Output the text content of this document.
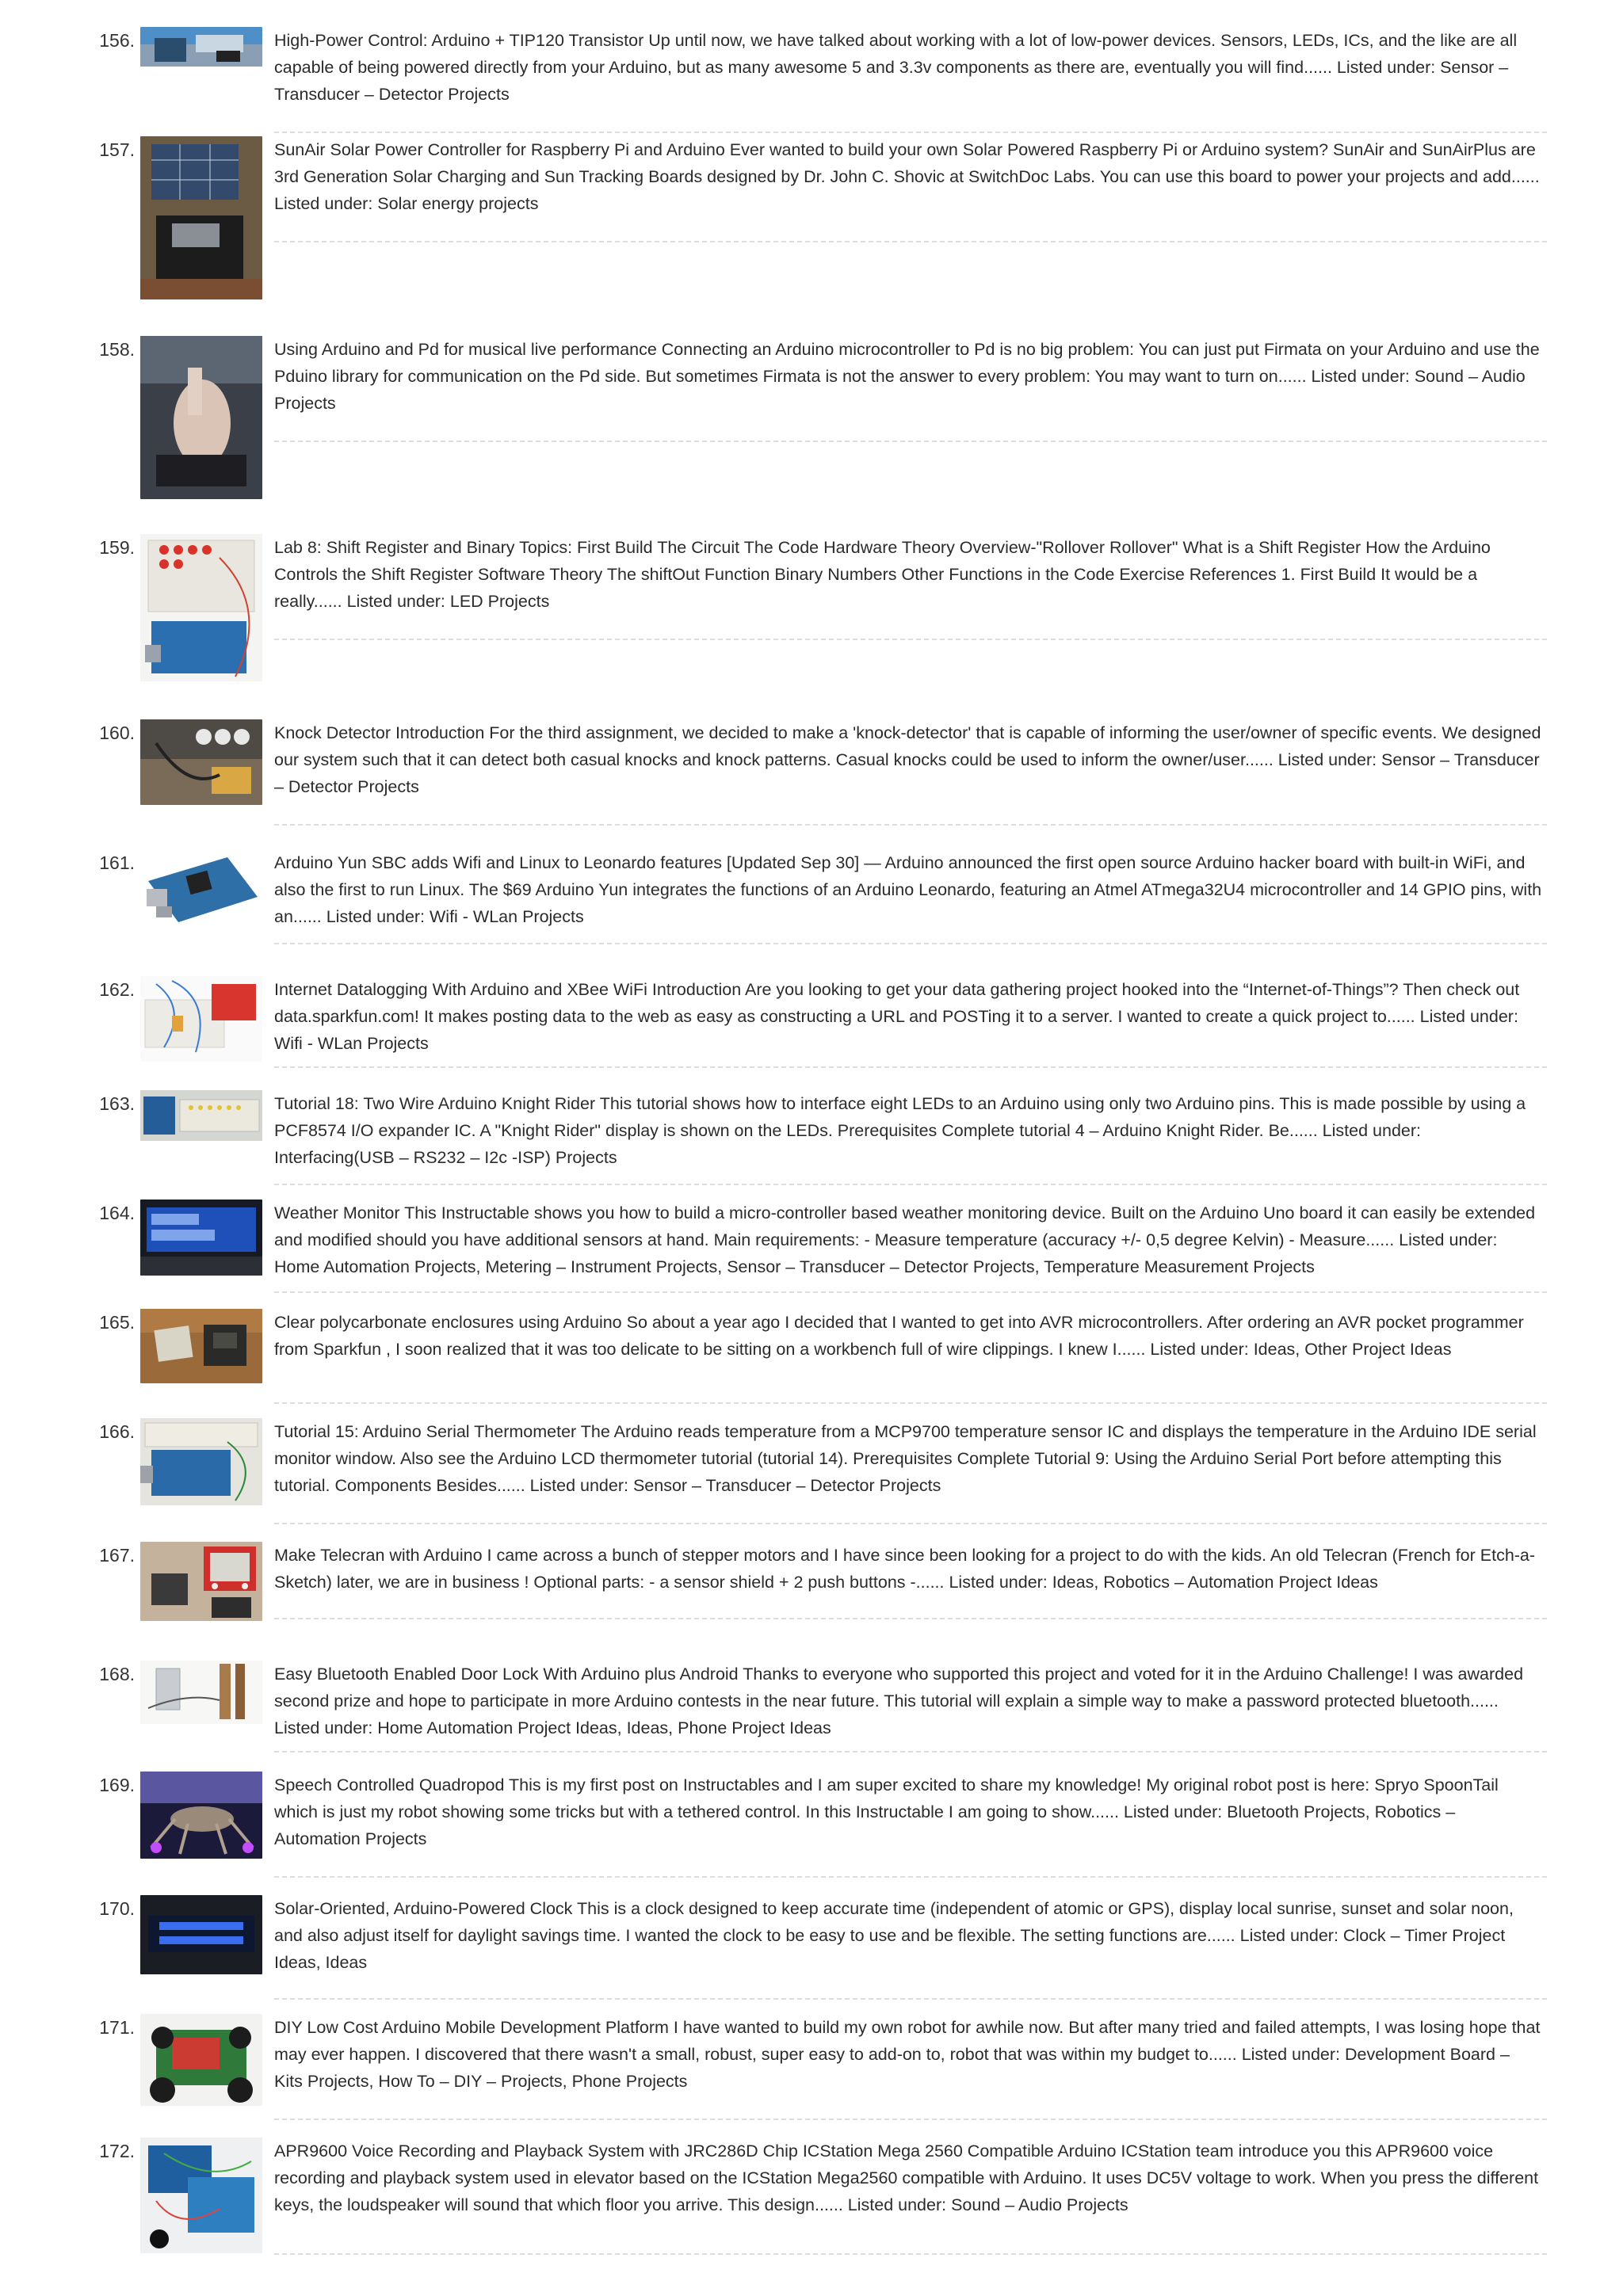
156.	High-Power Control: Arduino + TIP120 Transistor Up until now, we have talked about working with a lot of low-power devices. Sensors, LEDs, ICs, and the like are all capable of being powered directly from your Arduino, but as many awesome 5 and 3.3v components as there are, eventually you will find...... Listed under: Sensor – Transducer – Detector Projects
157.	SunAir Solar Power Controller for Raspberry Pi and Arduino Ever wanted to build your own Solar Powered Raspberry Pi or Arduino system? SunAir and SunAirPlus are 3rd Generation Solar Charging and Sun Tracking Boards designed by Dr. John C. Shovic at SwitchDoc Labs. You can use this board to power your projects and add...... Listed under: Solar energy projects
158.	Using Arduino and Pd for musical live performance Connecting an Arduino microcontroller to Pd is no big problem: You can just put Firmata on your Arduino and use the Pduino library for communication on the Pd side. But sometimes Firmata is not the answer to every problem: You may want to turn on...... Listed under: Sound – Audio Projects
159.	Lab 8: Shift Register and Binary Topics: First Build The Circuit The Code Hardware Theory Overview-"Rollover Rollover" What is a Shift Register How the Arduino Controls the Shift Register Software Theory The shiftOut Function Binary Numbers Other Functions in the Code Exercise References 1. First Build It would be a really...... Listed under: LED Projects
160.	Knock Detector Introduction For the third assignment, we decided to make a 'knock-detector' that is capable of informing the user/owner of specific events. We designed our system such that it can detect both casual knocks and knock patterns. Casual knocks could be used to inform the owner/user...... Listed under: Sensor – Transducer – Detector Projects
161.	Arduino Yun SBC adds Wifi and Linux to Leonardo features [Updated Sep 30] — Arduino announced the first open source Arduino hacker board with built-in WiFi, and also the first to run Linux. The $69 Arduino Yun integrates the functions of an Arduino Leonardo, featuring an Atmel ATmega32U4 microcontroller and 14 GPIO pins, with an...... Listed under: Wifi - WLan Projects
162.	Internet Datalogging With Arduino and XBee WiFi Introduction Are you looking to get your data gathering project hooked into the “Internet-of-Things”? Then check out data.sparkfun.com! It makes posting data to the web as easy as constructing a URL and POSTing it to a server. I wanted to create a quick project to...... Listed under: Wifi - WLan Projects
163.	Tutorial 18: Two Wire Arduino Knight Rider This tutorial shows how to interface eight LEDs to an Arduino using only two Arduino pins. This is made possible by using a PCF8574 I/O expander IC. A "Knight Rider" display is shown on the LEDs. Prerequisites Complete tutorial 4 – Arduino Knight Rider. Be...... Listed under: Interfacing(USB – RS232 – I2c -ISP) Projects
164.	Weather Monitor This Instructable shows you how to build a micro-controller based weather monitoring device. Built on the Arduino Uno board it can easily be extended and modified should you have additional sensors at hand. Main requirements: - Measure temperature (accuracy +/- 0,5 degree Kelvin) - Measure...... Listed under: Home Automation Projects, Metering – Instrument Projects, Sensor – Transducer – Detector Projects, Temperature Measurement Projects
165.	Clear polycarbonate enclosures using Arduino So about a year ago I decided that I wanted to get into AVR microcontrollers. After ordering an AVR pocket programmer from Sparkfun , I soon realized that it was too delicate to be sitting on a workbench full of wire clippings. I knew I...... Listed under: Ideas, Other Project Ideas
166.	Tutorial 15: Arduino Serial Thermometer The Arduino reads temperature from a MCP9700 temperature sensor IC and displays the temperature in the Arduino IDE serial monitor window. Also see the Arduino LCD thermometer tutorial (tutorial 14). Prerequisites Complete Tutorial 9: Using the Arduino Serial Port before attempting this tutorial. Components Besides...... Listed under: Sensor – Transducer – Detector Projects
167.	Make Telecran with Arduino I came across a bunch of stepper motors and I have since been looking for a project to do with the kids. An old Telecran (French for Etch-a-Sketch) later, we are in business ! Optional parts: - a sensor shield + 2 push buttons -...... Listed under: Ideas, Robotics – Automation Project Ideas
168.	Easy Bluetooth Enabled Door Lock With Arduino plus Android Thanks to everyone who supported this project and voted for it in the Arduino Challenge! I was awarded second prize and hope to participate in more Arduino contests in the near future. This tutorial will explain a simple way to make a password protected bluetooth...... Listed under: Home Automation Project Ideas, Ideas, Phone Project Ideas
169.	Speech Controlled Quadropod This is my first post on Instructables and I am super excited to share my knowledge! My original robot post is here: Spryo SpoonTail which is just my robot showing some tricks but with a tethered control. In this Instructable I am going to show...... Listed under: Bluetooth Projects, Robotics – Automation Projects
170.	Solar-Oriented, Arduino-Powered Clock This is a clock designed to keep accurate time (independent of atomic or GPS), display local sunrise, sunset and solar noon, and also adjust itself for daylight savings time. I wanted the clock to be easy to use and be flexible. The setting functions are...... Listed under: Clock – Timer Project Ideas, Ideas
171.	DIY Low Cost Arduino Mobile Development Platform I have wanted to build my own robot for awhile now. But after many tried and failed attempts, I was losing hope that may ever happen. I discovered that there wasn't a small, robust, super easy to add-on to, robot that was within my budget to...... Listed under: Development Board – Kits Projects, How To – DIY – Projects, Phone Projects
172.	APR9600 Voice Recording and Playback System with JRC286D Chip ICStation Mega 2560 Compatible Arduino ICStation team introduce you this APR9600 voice recording and playback system used in elevator based on the ICStation Mega2560 compatible with Arduino. It uses DC5V voltage to work. When you press the different keys, the loudspeaker will sound that which floor you arrive. This design...... Listed under: Sound – Audio Projects
